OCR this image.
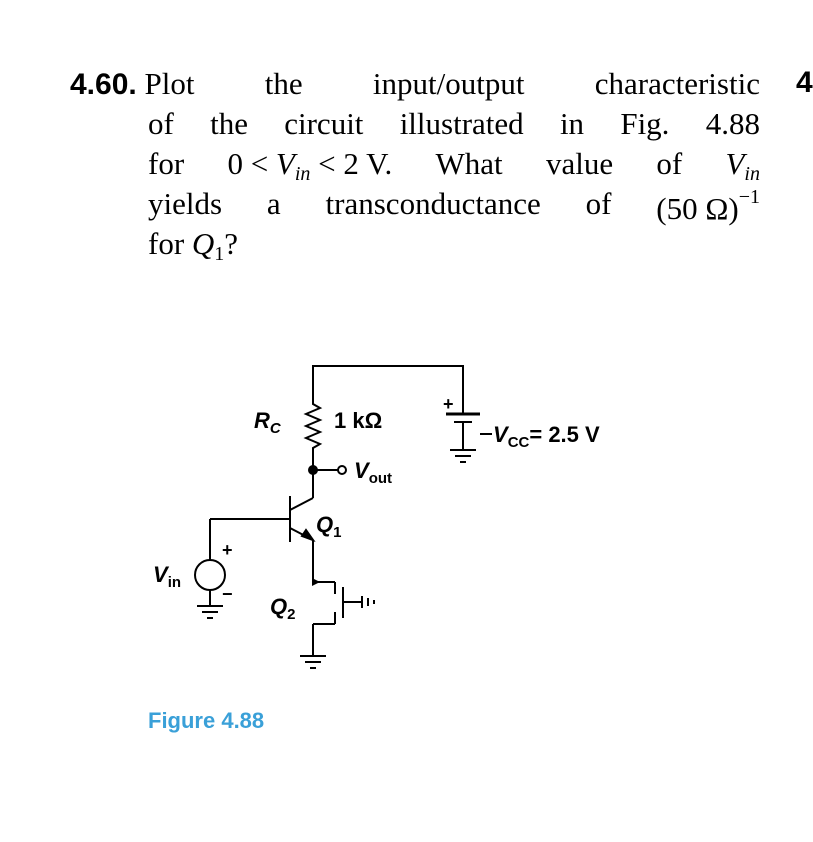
4.60. Plot the input/output characteristic
of the circuit illustrated in Fig. 4.88
for $0 < V_{in} < 2$ V. What value of $V_{in}$
yields a transconductance of (50 Ω)$^{-1}$
for $Q_1$?
4
$R_C$ 1 kΩ
+
$V_{CC}= 2.5$ V
$V_{out}$
$Q_1$
$Q_2$
$V_{in}$
+
−
Figure 4.88
